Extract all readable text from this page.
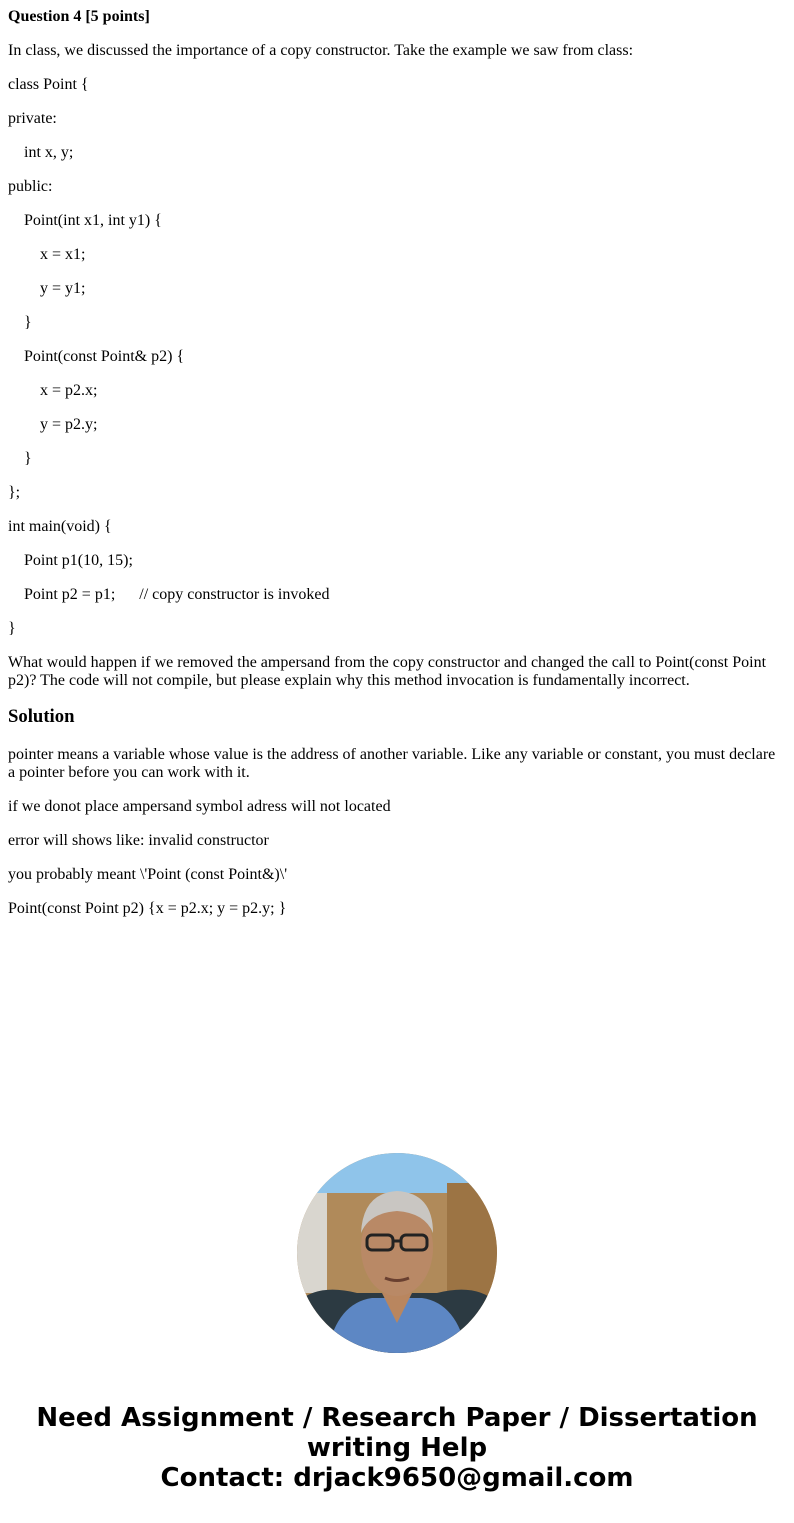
Question 4 [5 points]

In class, we discussed the importance of a copy constructor. Take the example we saw from class:

class Point {

private:

int x, y;

public:

Point(int x1, int y1) {

x = x1;

y = y1;

}

Point(const Point& p2) {

x = p2.x;

y = p2.y;

}

};

int main(void) {

Point p1(10, 15);

Point p2 = p1;      // copy constructor is invoked

}

What would happen if we removed the ampersand from the copy constructor and changed the call to Point(const Point p2)? The code will not compile, but please explain why this method invocation is fundamentally incorrect.

Solution

pointer means a variable whose value is the address of another variable. Like any variable or constant, you must declare a pointer before you can work with it.

if we donot place ampersand symbol adress will not located

error will shows like: invalid constructor

you probably meant \'Point (const Point&)\'

Point(const Point p2) {x = p2.x; y = p2.y; }

Need Assignment / Research Paper / Dissertation
writing Help
Contact: drjack9650@gmail.com
